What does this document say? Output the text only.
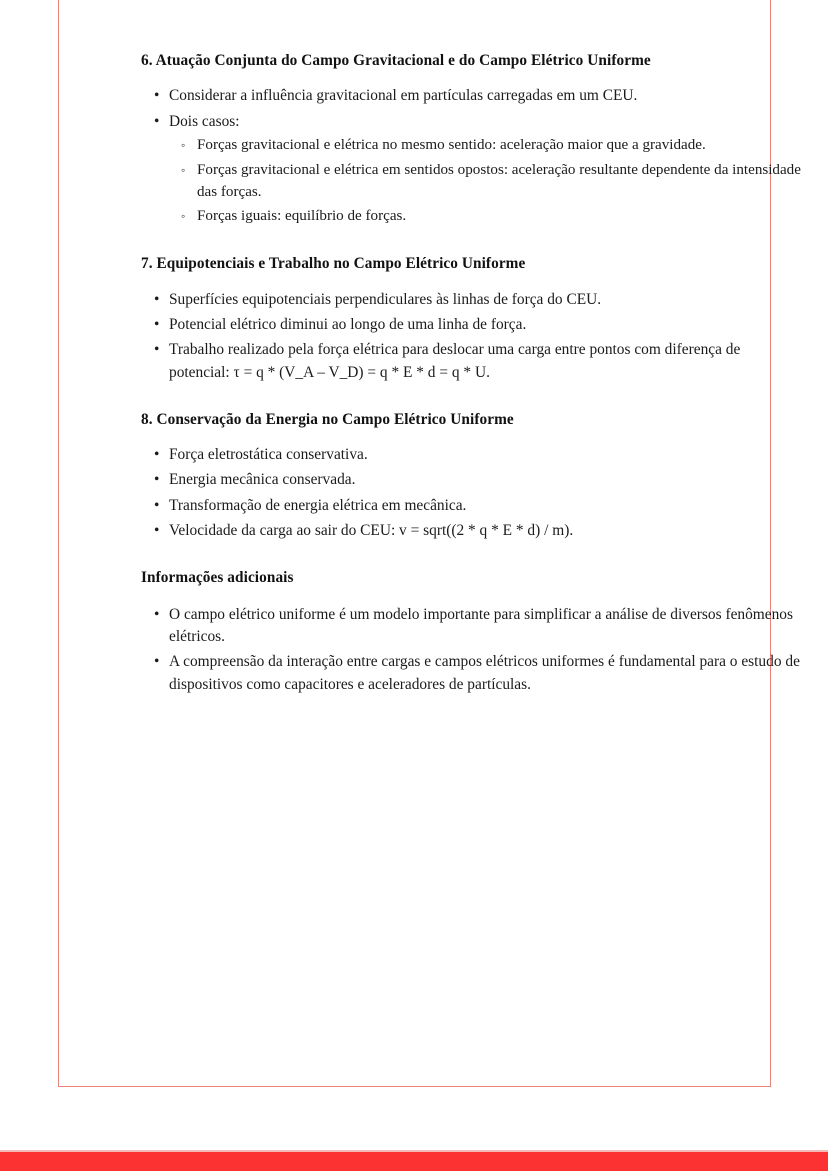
6. Atuação Conjunta do Campo Gravitacional e do Campo Elétrico Uniforme
• Considerar a influência gravitacional em partículas carregadas em um CEU.
• Dois casos:
◦ Forças gravitacional e elétrica no mesmo sentido: aceleração maior que a gravidade.
◦ Forças gravitacional e elétrica em sentidos opostos: aceleração resultante dependente da intensidade das forças.
◦ Forças iguais: equilíbrio de forças.
7. Equipotenciais e Trabalho no Campo Elétrico Uniforme
• Superfícies equipotenciais perpendiculares às linhas de força do CEU.
• Potencial elétrico diminui ao longo de uma linha de força.
• Trabalho realizado pela força elétrica para deslocar uma carga entre pontos com diferença de potencial: τ = q * (V_A – V_D) = q * E * d = q * U.
8. Conservação da Energia no Campo Elétrico Uniforme
• Força eletrostática conservativa.
• Energia mecânica conservada.
• Transformação de energia elétrica em mecânica.
• Velocidade da carga ao sair do CEU: v = sqrt((2 * q * E * d) / m).
Informações adicionais
• O campo elétrico uniforme é um modelo importante para simplificar a análise de diversos fenômenos elétricos.
• A compreensão da interação entre cargas e campos elétricos uniformes é fundamental para o estudo de dispositivos como capacitores e aceleradores de partículas.
